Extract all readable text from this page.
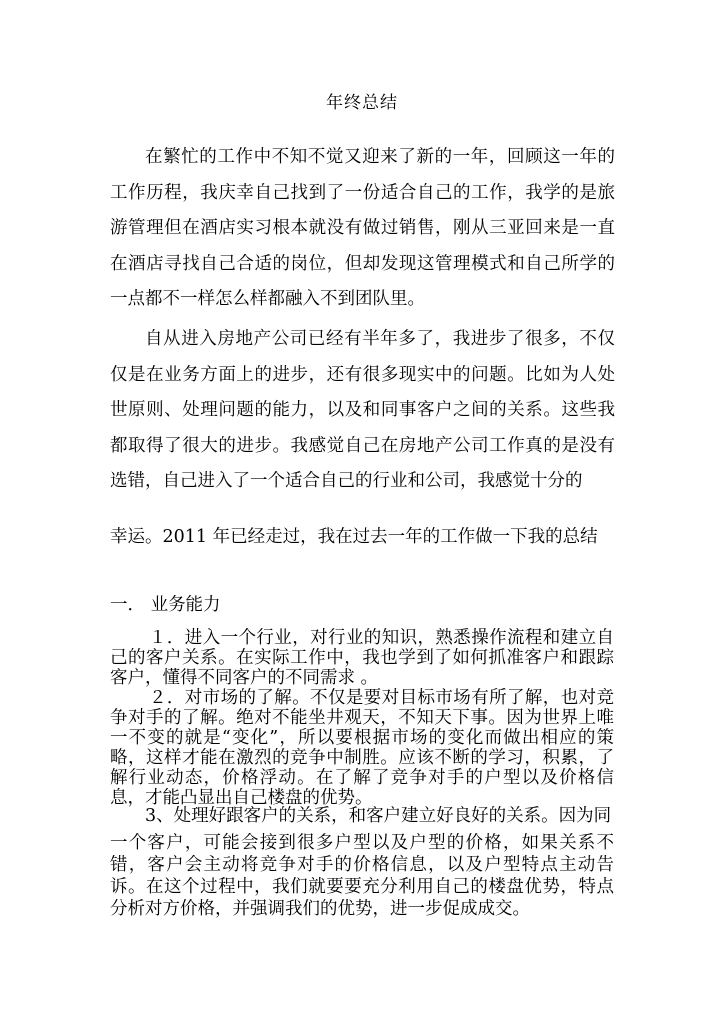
年终总结

在繁忙的工作中不知不觉又迎来了新的一年，回顾这一年的工作历程，我庆幸自己找到了一份适合自己的工作，我学的是旅游管理但在酒店实习根本就没有做过销售，刚从三亚回来是一直在酒店寻找自己合适的岗位，但却发现这管理模式和自己所学的一点都不一样怎么样都融入不到团队里。

自从进入房地产公司已经有半年多了，我进步了很多，不仅仅是在业务方面上的进步，还有很多现实中的问题。比如为人处世原则、处理问题的能力，以及和同事客户之间的关系。这些我都取得了很大的进步。我感觉自己在房地产公司工作真的是没有选错，自己进入了一个适合自己的行业和公司，我感觉十分的

幸运。2011 年已经走过，我在过去一年的工作做一下我的总结

一． 业务能力

１．进入一个行业，对行业的知识，熟悉操作流程和建立自己的客户关系。在实际工作中，我也学到了如何抓准客户和跟踪客户，懂得不同客户的不同需求 。

２．对市场的了解。不仅是要对目标市场有所了解，也对竞争对手的了解。绝对不能坐井观天，不知天下事。因为世界上唯一不变的就是“变化”，所以要根据市场的变化而做出相应的策略，这样才能在激烈的竞争中制胜。应该不断的学习，积累，了解行业动态，价格浮动。在了解了竞争对手的户型以及价格信息，才能凸显出自己楼盘的优势。

3、处理好跟客户的关系，和客户建立好良好的关系。因为同

一个客户，可能会接到很多户型以及户型的价格，如果关系不错，客户会主动将竞争对手的价格信息，以及户型特点主动告诉。在这个过程中，我们就要要充分利用自己的楼盘优势，特点分析对方价格，并强调我们的优势，进一步促成成交。
